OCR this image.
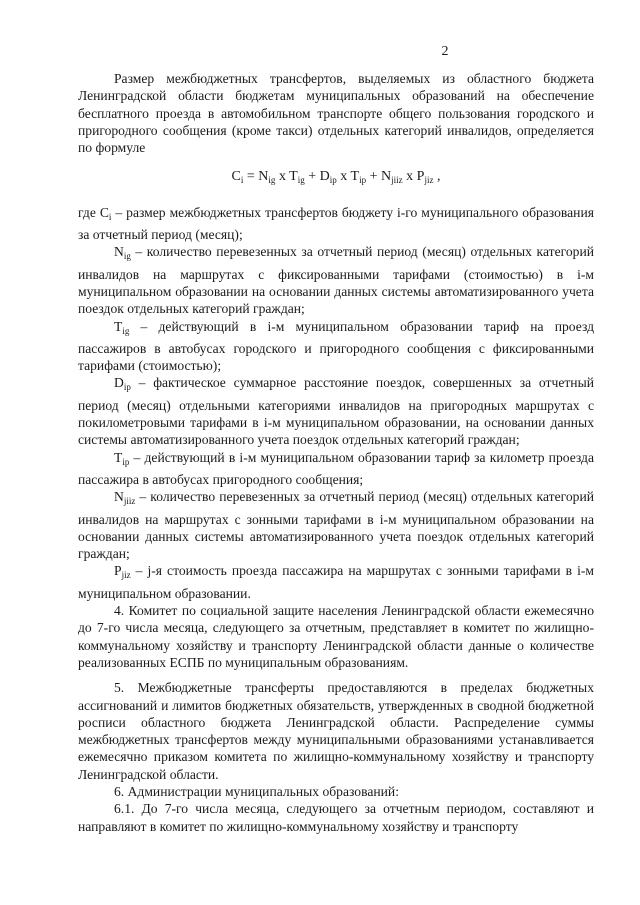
2

Размер межбюджетных трансфертов, выделяемых из областного бюджета Ленинградской области бюджетам муниципальных образований на обеспечение бесплатного проезда в автомобильном транспорте общего пользования городского и пригородного сообщения (кроме такси) отдельных категорий инвалидов, определяется по формуле

$C_i = N_{ig}$ x $T_{ig} + D_{ip}$ x $T_{ip} + N_{jiiz}$ x $P_{jiz}$ ,

где $C_i$ – размер межбюджетных трансфертов бюджету i-го муниципального образования за отчетный период (месяц);

$N_{ig}$ – количество перевезенных за отчетный период (месяц) отдельных категорий инвалидов на маршрутах с фиксированными тарифами (стоимостью) в i-м муниципальном образовании на основании данных системы автоматизированного учета поездок отдельных категорий граждан;

$T_{ig}$ – действующий в i-м муниципальном образовании тариф на проезд пассажиров в автобусах городского и пригородного сообщения с фиксированными тарифами (стоимостью);

$D_{ip}$ – фактическое суммарное расстояние поездок, совершенных за отчетный период (месяц) отдельными категориями инвалидов на пригородных маршрутах с покилометровыми тарифами в i-м муниципальном образовании, на основании данных системы автоматизированного учета поездок отдельных категорий граждан;

$T_{ip}$ – действующий в i-м муниципальном образовании тариф за километр проезда пассажира в автобусах пригородного сообщения;

$N_{jiiz}$ – количество перевезенных за отчетный период (месяц) отдельных категорий инвалидов на маршрутах с зонными тарифами в i-м муниципальном образовании на основании данных системы автоматизированного учета поездок отдельных категорий граждан;

$P_{jiz} - j-я$ стоимость проезда пассажира на маршрутах с зонными тарифами в i-м муниципальном образовании.

4. Комитет по социальной защите населения Ленинградской области ежемесячно до 7-го числа месяца, следующего за отчетным, представляет в комитет по жилищно-коммунальному хозяйству и транспорту Ленинградской области данные о количестве реализованных ЕСПБ по муниципальным образованиям.

5. Межбюджетные трансферты предоставляются в пределах бюджетных ассигнований и лимитов бюджетных обязательств, утвержденных в сводной бюджетной росписи областного бюджета Ленинградской области. Распределение суммы межбюджетных трансфертов между муниципальными образованиями устанавливается ежемесячно приказом комитета по жилищно-коммунальному хозяйству и транспорту Ленинградской области.

6. Администрации муниципальных образований:

6.1. До 7-го числа месяца, следующего за отчетным периодом, составляют и направляют в комитет по жилищно-коммунальному хозяйству и транспорту
